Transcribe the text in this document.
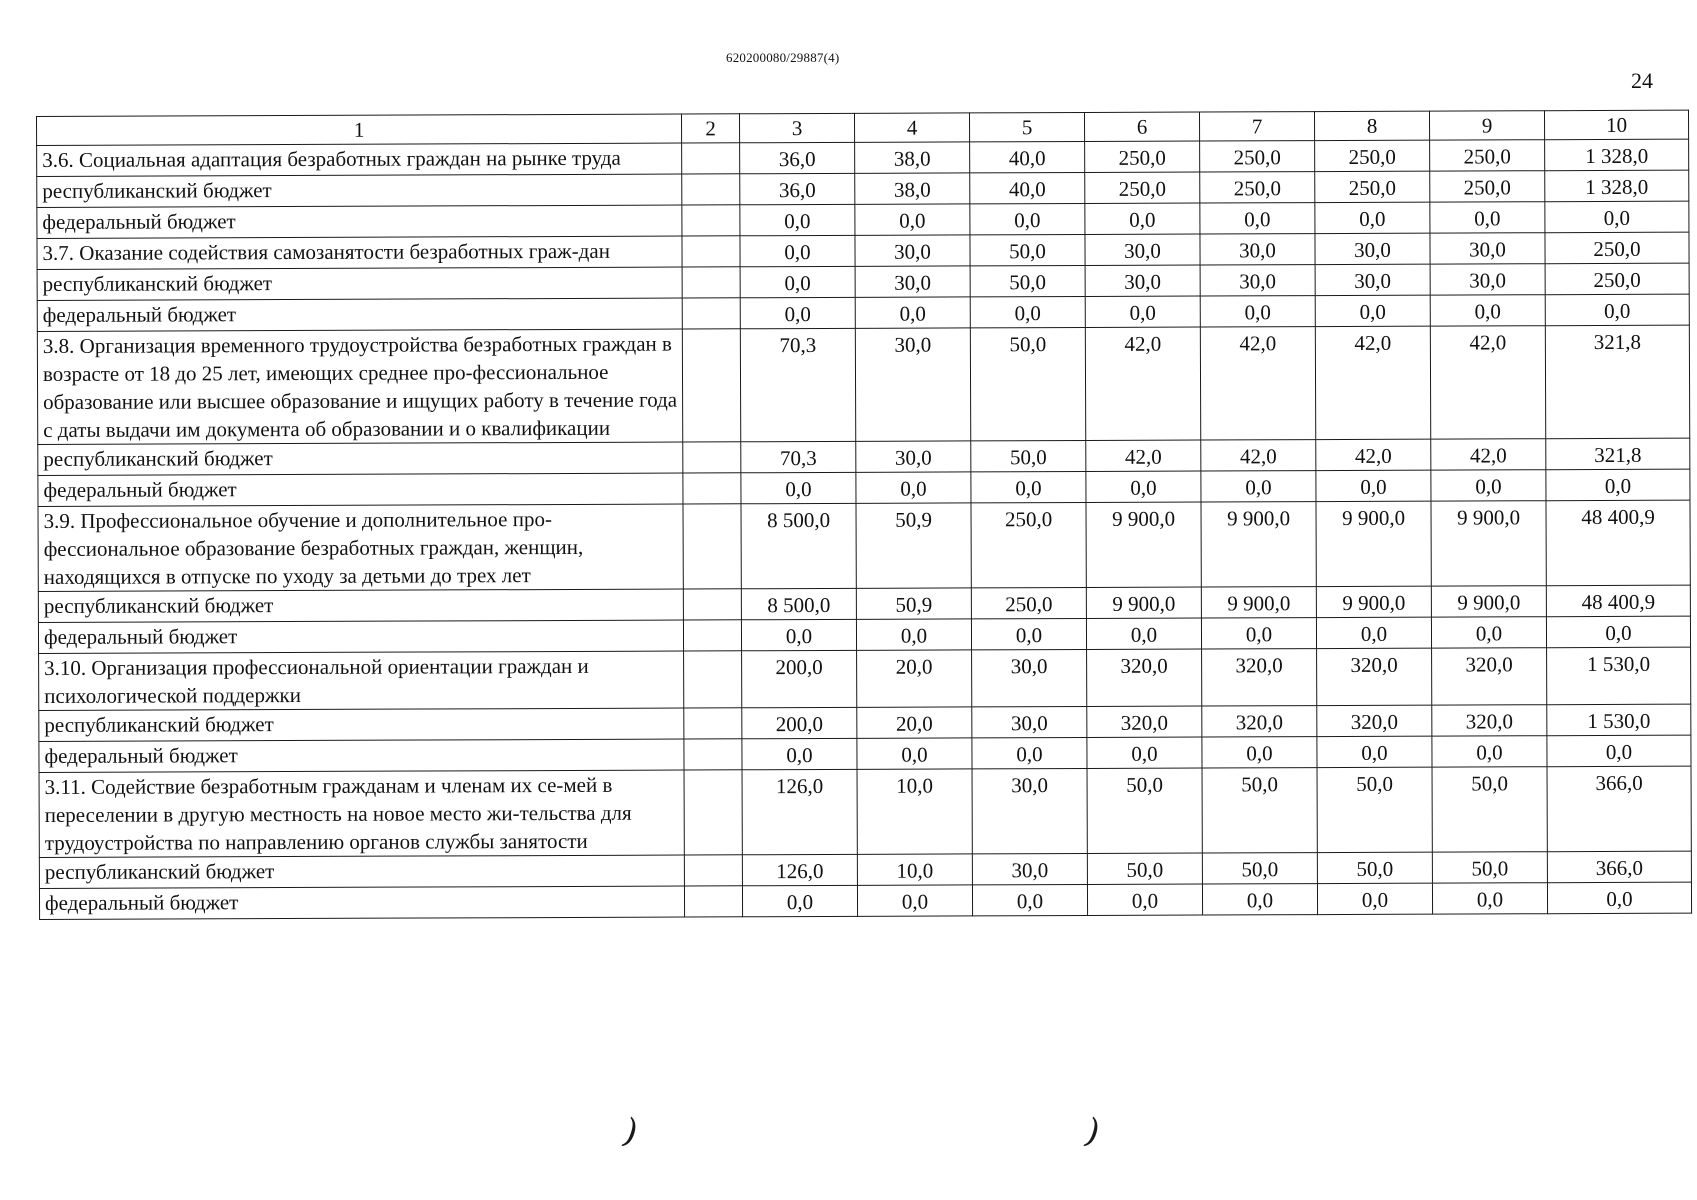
620200080/29887(4)
24
1	2	3	4	5	6	7	8	9	10
3.6. Социальная адаптация безработных граждан на рынке труда		36,0	38,0	40,0	250,0	250,0	250,0	250,0	1 328,0
республиканский бюджет		36,0	38,0	40,0	250,0	250,0	250,0	250,0	1 328,0
федеральный бюджет		0,0	0,0	0,0	0,0	0,0	0,0	0,0	0,0
3.7. Оказание содействия самозанятости безработных граж-дан		0,0	30,0	50,0	30,0	30,0	30,0	30,0	250,0
республиканский бюджет		0,0	30,0	50,0	30,0	30,0	30,0	30,0	250,0
федеральный бюджет		0,0	0,0	0,0	0,0	0,0	0,0	0,0	0,0
3.8. Организация временного трудоустройства безработных граждан в возрасте от 18 до 25 лет, имеющих среднее про-фессиональное образование или высшее образование и ищущих работу в течение года с даты выдачи им документа об образовании и о квалификации		70,3	30,0	50,0	42,0	42,0	42,0	42,0	321,8
республиканский бюджет		70,3	30,0	50,0	42,0	42,0	42,0	42,0	321,8
федеральный бюджет		0,0	0,0	0,0	0,0	0,0	0,0	0,0	0,0
3.9. Профессиональное обучение и дополнительное про-фессиональное образование безработных граждан, женщин, находящихся в отпуске по уходу за детьми до трех лет		8 500,0	50,9	250,0	9 900,0	9 900,0	9 900,0	9 900,0	48 400,9
республиканский бюджет		8 500,0	50,9	250,0	9 900,0	9 900,0	9 900,0	9 900,0	48 400,9
федеральный бюджет		0,0	0,0	0,0	0,0	0,0	0,0	0,0	0,0
3.10. Организация профессиональной ориентации граждан и психологической поддержки		200,0	20,0	30,0	320,0	320,0	320,0	320,0	1 530,0
республиканский бюджет		200,0	20,0	30,0	320,0	320,0	320,0	320,0	1 530,0
федеральный бюджет		0,0	0,0	0,0	0,0	0,0	0,0	0,0	0,0
3.11. Содействие безработным гражданам и членам их се-мей в переселении в другую местность на новое место жи-тельства для трудоустройства по направлению органов службы занятости		126,0	10,0	30,0	50,0	50,0	50,0	50,0	366,0
республиканский бюджет		126,0	10,0	30,0	50,0	50,0	50,0	50,0	366,0
федеральный бюджет		0,0	0,0	0,0	0,0	0,0	0,0	0,0	0,0
)	)
